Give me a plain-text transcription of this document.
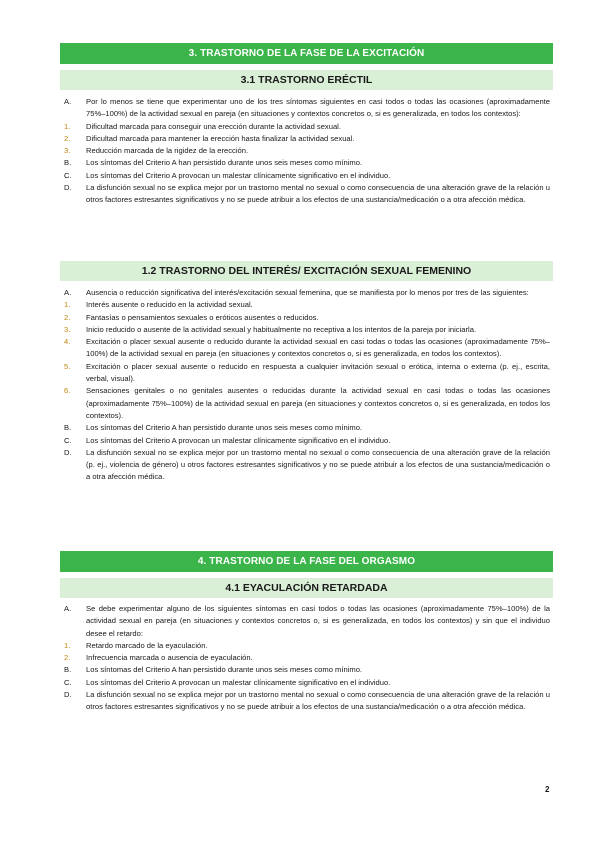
3. TRASTORNO DE LA FASE DE LA EXCITACIÓN
3.1 TRASTORNO ERÉCTIL
A.	Por lo menos se tiene que experimentar uno de los tres síntomas siguientes en casi todos o todas las ocasiones (aproximadamente 75%–100%) de la actividad sexual en pareja (en situaciones y contextos concretos o, si es generalizada, en todos los contextos):
1.	Dificultad marcada para conseguir una erección durante la actividad sexual.
2.	Dificultad marcada para mantener la erección hasta finalizar la actividad sexual.
3.	Reducción marcada de la rigidez de la erección.
B.	Los síntomas del Criterio A han persistido durante unos seis meses como mínimo.
C.	Los síntomas del Criterio A provocan un malestar clínicamente significativo en el individuo.
D.	La disfunción sexual no se explica mejor por un trastorno mental no sexual o como consecuencia de una alteración grave de la relación u otros factores estresantes significativos y no se puede atribuir a los efectos de una sustancia/medicación o a otra afección médica.
1.2 TRASTORNO DEL INTERÉS/ EXCITACIÓN SEXUAL FEMENINO
A.	Ausencia o reducción significativa del interés/excitación sexual femenina, que se manifiesta por lo menos por tres de las siguientes:
1.	Interés ausente o reducido en la actividad sexual.
2.	Fantasías o pensamientos sexuales o eróticos ausentes o reducidos.
3.	Inicio reducido o ausente de la actividad sexual y habitualmente no receptiva a los intentos de la pareja por iniciarla.
4.	Excitación o placer sexual ausente o reducido durante la actividad sexual en casi todas o todas las ocasiones (aproximadamente 75%–100%) de la actividad sexual en pareja (en situaciones y contextos concretos o, si es generalizada, en todos los contextos).
5.	Excitación o placer sexual ausente o reducido en respuesta a cualquier invitación sexual o erótica, interna o externa (p. ej., escrita, verbal, visual).
6.	Sensaciones genitales o no genitales ausentes o reducidas durante la actividad sexual en casi todas o todas las ocasiones (aproximadamente 75%–100%) de la actividad sexual en pareja (en situaciones y contextos concretos o, si es generalizada, en todos los contextos).
B.	Los síntomas del Criterio A han persistido durante unos seis meses como mínimo.
C.	Los síntomas del Criterio A provocan un malestar clínicamente significativo en el individuo.
D.	La disfunción sexual no se explica mejor por un trastorno mental no sexual o como consecuencia de una alteración grave de la relación (p. ej., violencia de género) u otros factores estresantes significativos y no se puede atribuir a los efectos de una sustancia/medicación o a otra afección médica.
4. TRASTORNO DE LA FASE DEL ORGASMO
4.1 EYACULACIÓN RETARDADA
A.	Se debe experimentar alguno de los siguientes síntomas en casi todos o todas las ocasiones (aproximadamente 75%–100%) de la actividad sexual en pareja (en situaciones y contextos concretos o, si es generalizada, en todos los contextos) y sin que el individuo desee el retardo:
1.	Retardo marcado de la eyaculación.
2.	Infrecuencia marcada o ausencia de eyaculación.
B.	Los síntomas del Criterio A han persistido durante unos seis meses como mínimo.
C.	Los síntomas del Criterio A provocan un malestar clínicamente significativo en el individuo.
D.	La disfunción sexual no se explica mejor por un trastorno mental no sexual o como consecuencia de una alteración grave de la relación u otros factores estresantes significativos y no se puede atribuir a los efectos de una sustancia/medicación o a otra afección médica.
2
